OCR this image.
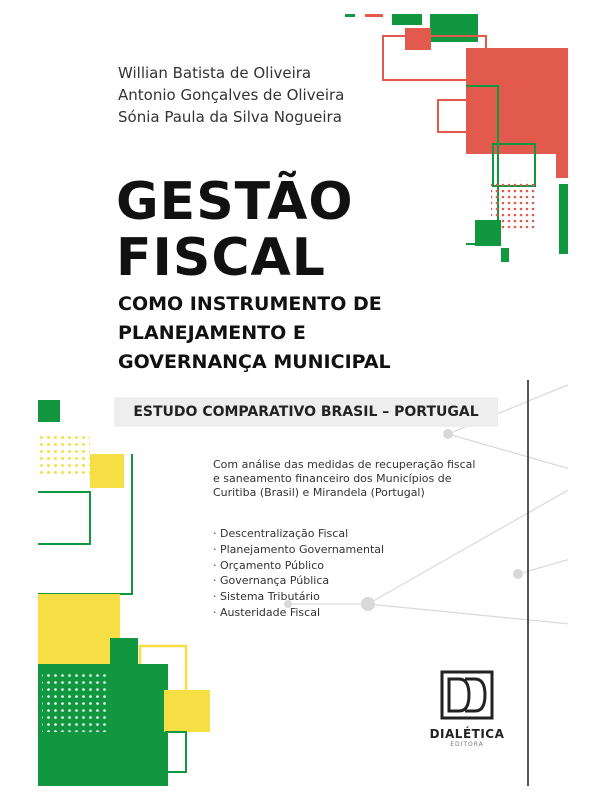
Willian Batista de Oliveira
Antonio Gonçalves de Oliveira
Sónia Paula da Silva Nogueira
GESTÃO
FISCAL
COMO INSTRUMENTO DE
PLANEJAMENTO E
GOVERNANÇA MUNICIPAL
ESTUDO COMPARATIVO BRASIL – PORTUGAL
Com análise das medidas de recuperação fiscal
e saneamento financeiro dos Municípios de
Curitiba (Brasil) e Mirandela (Portugal)
· Descentralização Fiscal
· Planejamento Governamental
· Orçamento Público
· Governança Pública
· Sistema Tributário
· Austeridade Fiscal
DIALÉTICA
EDITORA
